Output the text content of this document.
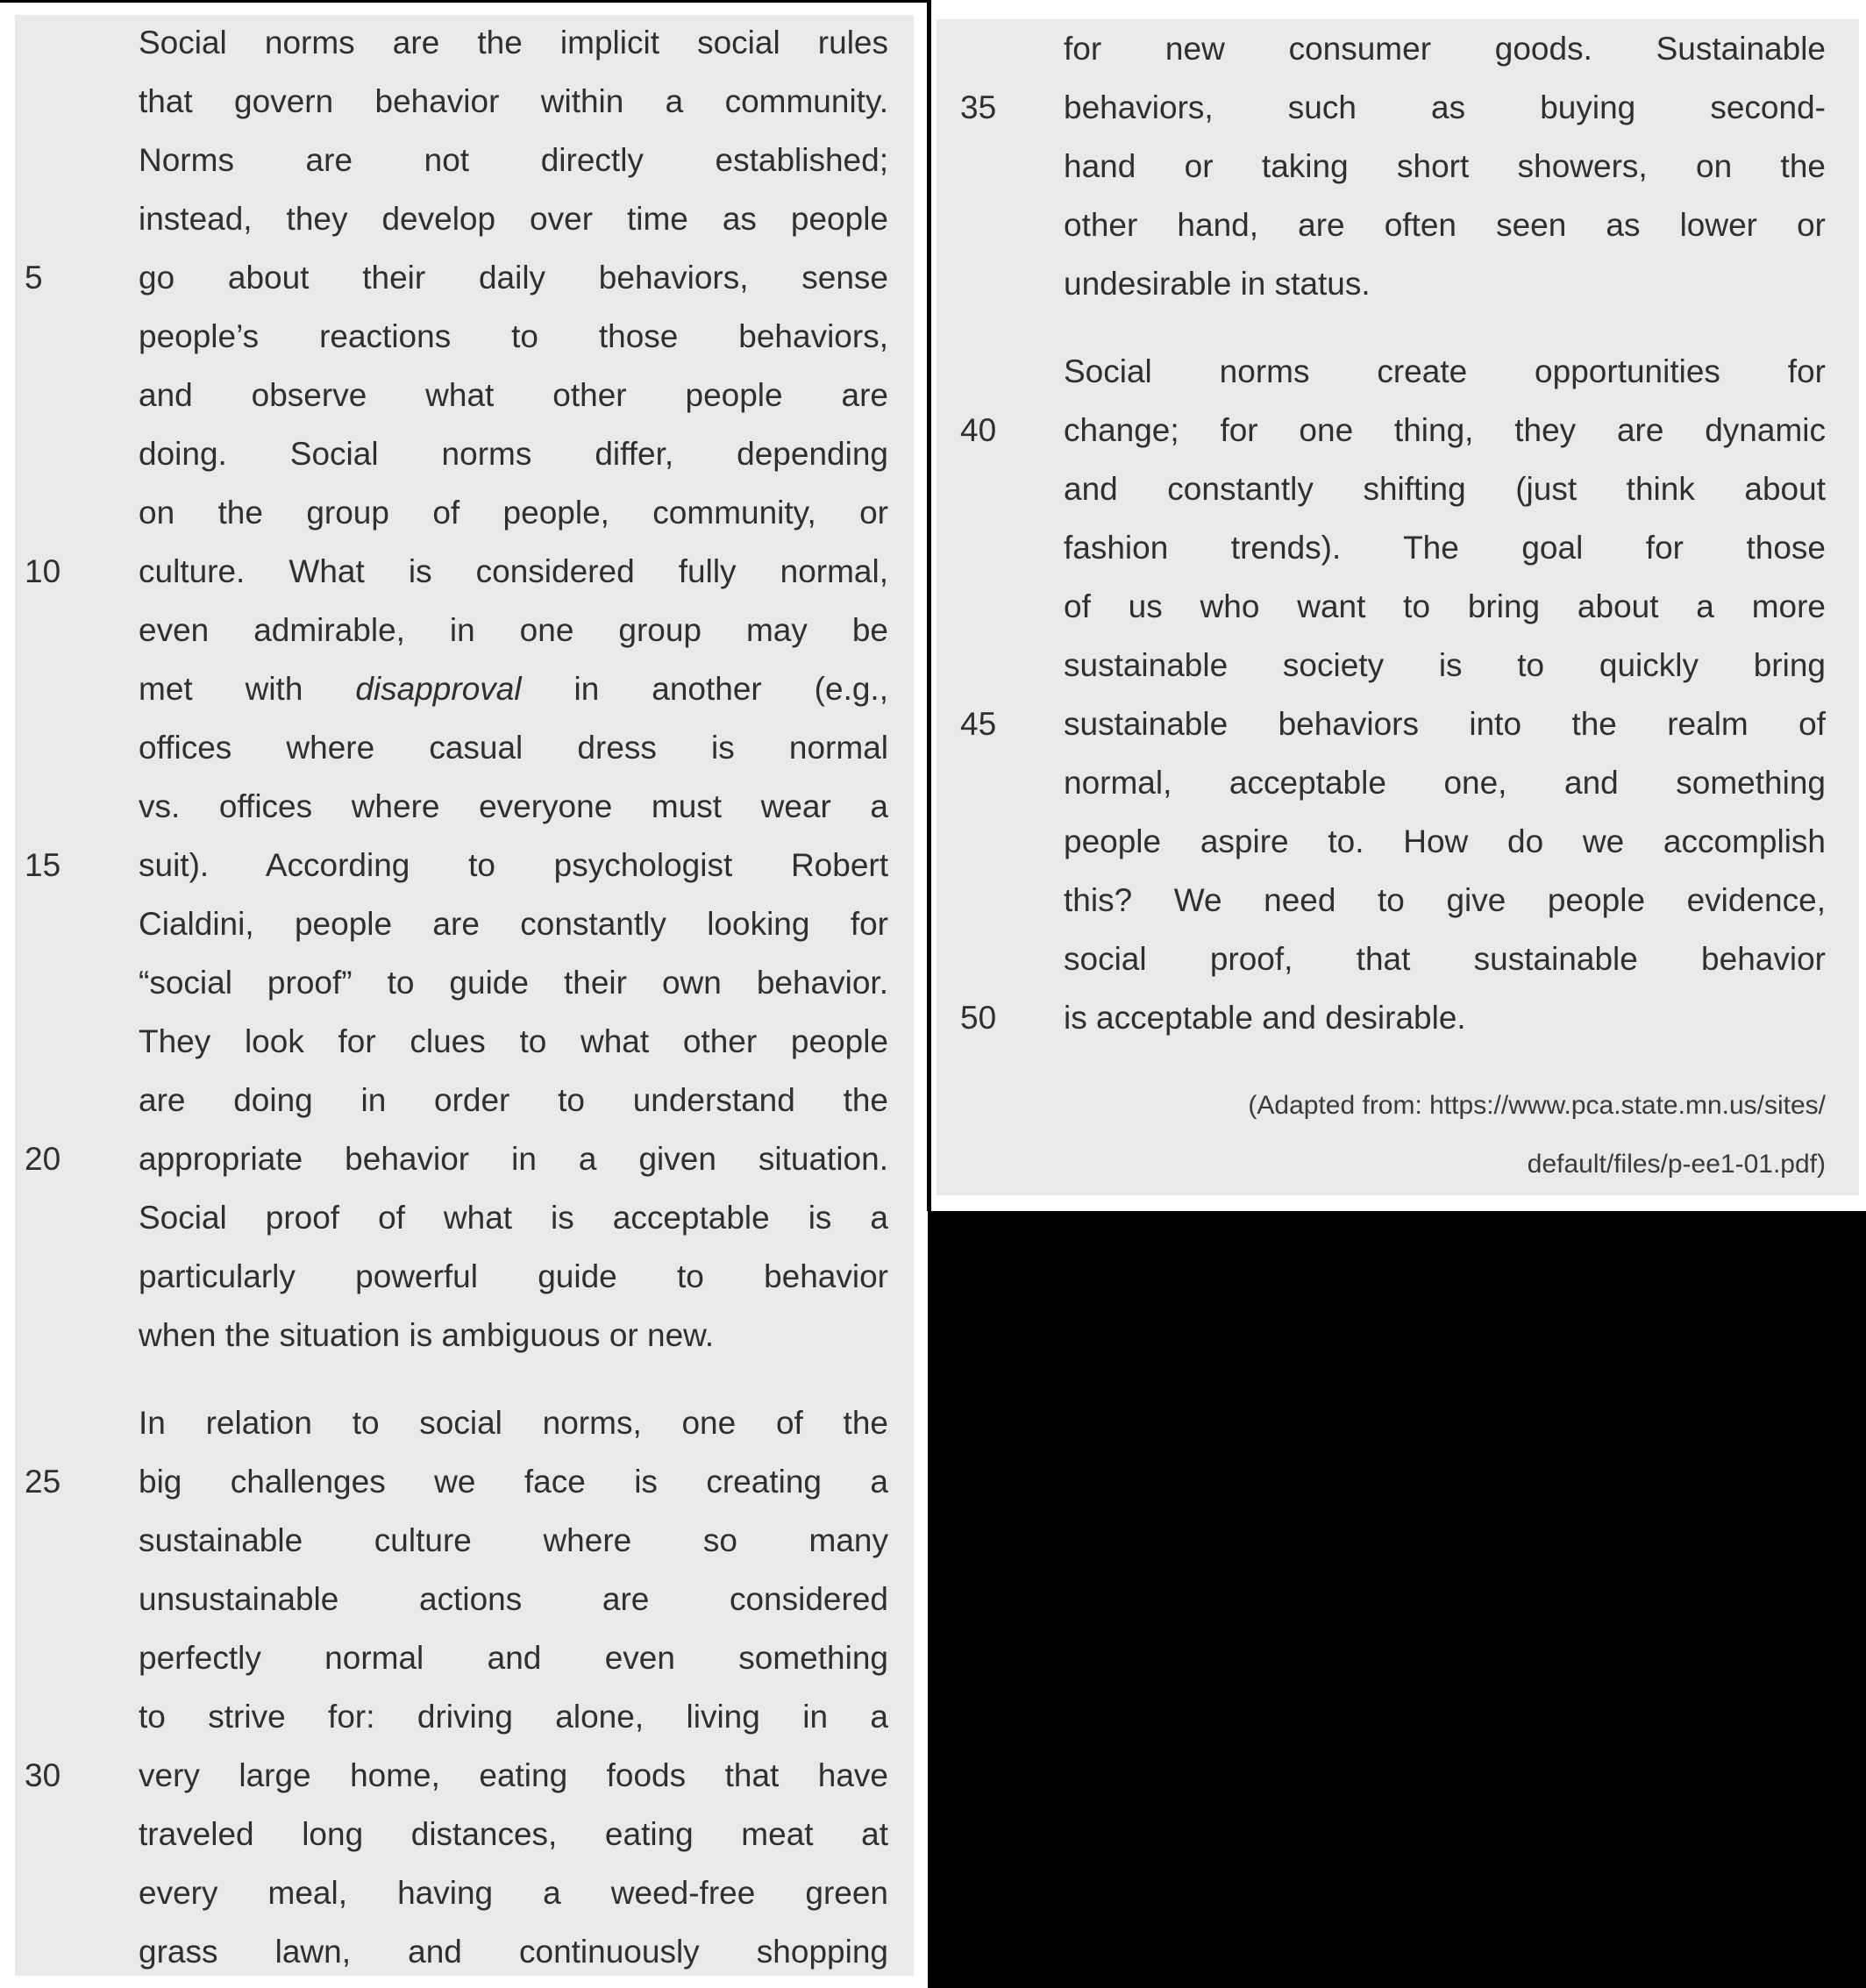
Social norms are the implicit social rules
that govern behavior within a community.
Norms are not directly established;
instead, they develop over time as people
5	go about their daily behaviors, sense
people’s reactions to those behaviors,
and observe what other people are
doing. Social norms differ, depending
on the group of people, community, or
10 culture. What is considered fully normal,
even admirable, in one group may be
met with disapproval in another (e.g.,
offices where casual dress is normal
vs. offices where everyone must wear a
15 suit). According to psychologist Robert
Cialdini, people are constantly looking for
“social proof” to guide their own behavior.
They look for clues to what other people
are doing in order to understand the
20 appropriate behavior in a given situation.
Social proof of what is acceptable is a
particularly powerful guide to behavior
when the situation is ambiguous or new.
In relation to social norms, one of the
25 big challenges we face is creating a
sustainable culture where so many
unsustainable actions are considered
perfectly normal and even something
to strive for: driving alone, living in a
30 very large home, eating foods that have
traveled long distances, eating meat at
every meal, having a weed-free green
grass lawn, and continuously shopping
for new consumer goods. Sustainable
35 behaviors, such as buying second-
hand or taking short showers, on the
other hand, are often seen as lower or
undesirable in status.
Social norms create opportunities for
40 change; for one thing, they are dynamic
and constantly shifting (just think about
fashion trends). The goal for those
of us who want to bring about a more
sustainable society is to quickly bring
45 sustainable behaviors into the realm of
normal, acceptable one, and something
people aspire to. How do we accomplish
this? We need to give people evidence,
social proof, that sustainable behavior
50 is acceptable and desirable.
(Adapted from: https://www.pca.state.mn.us/sites/
default/files/p-ee1-01.pdf)
